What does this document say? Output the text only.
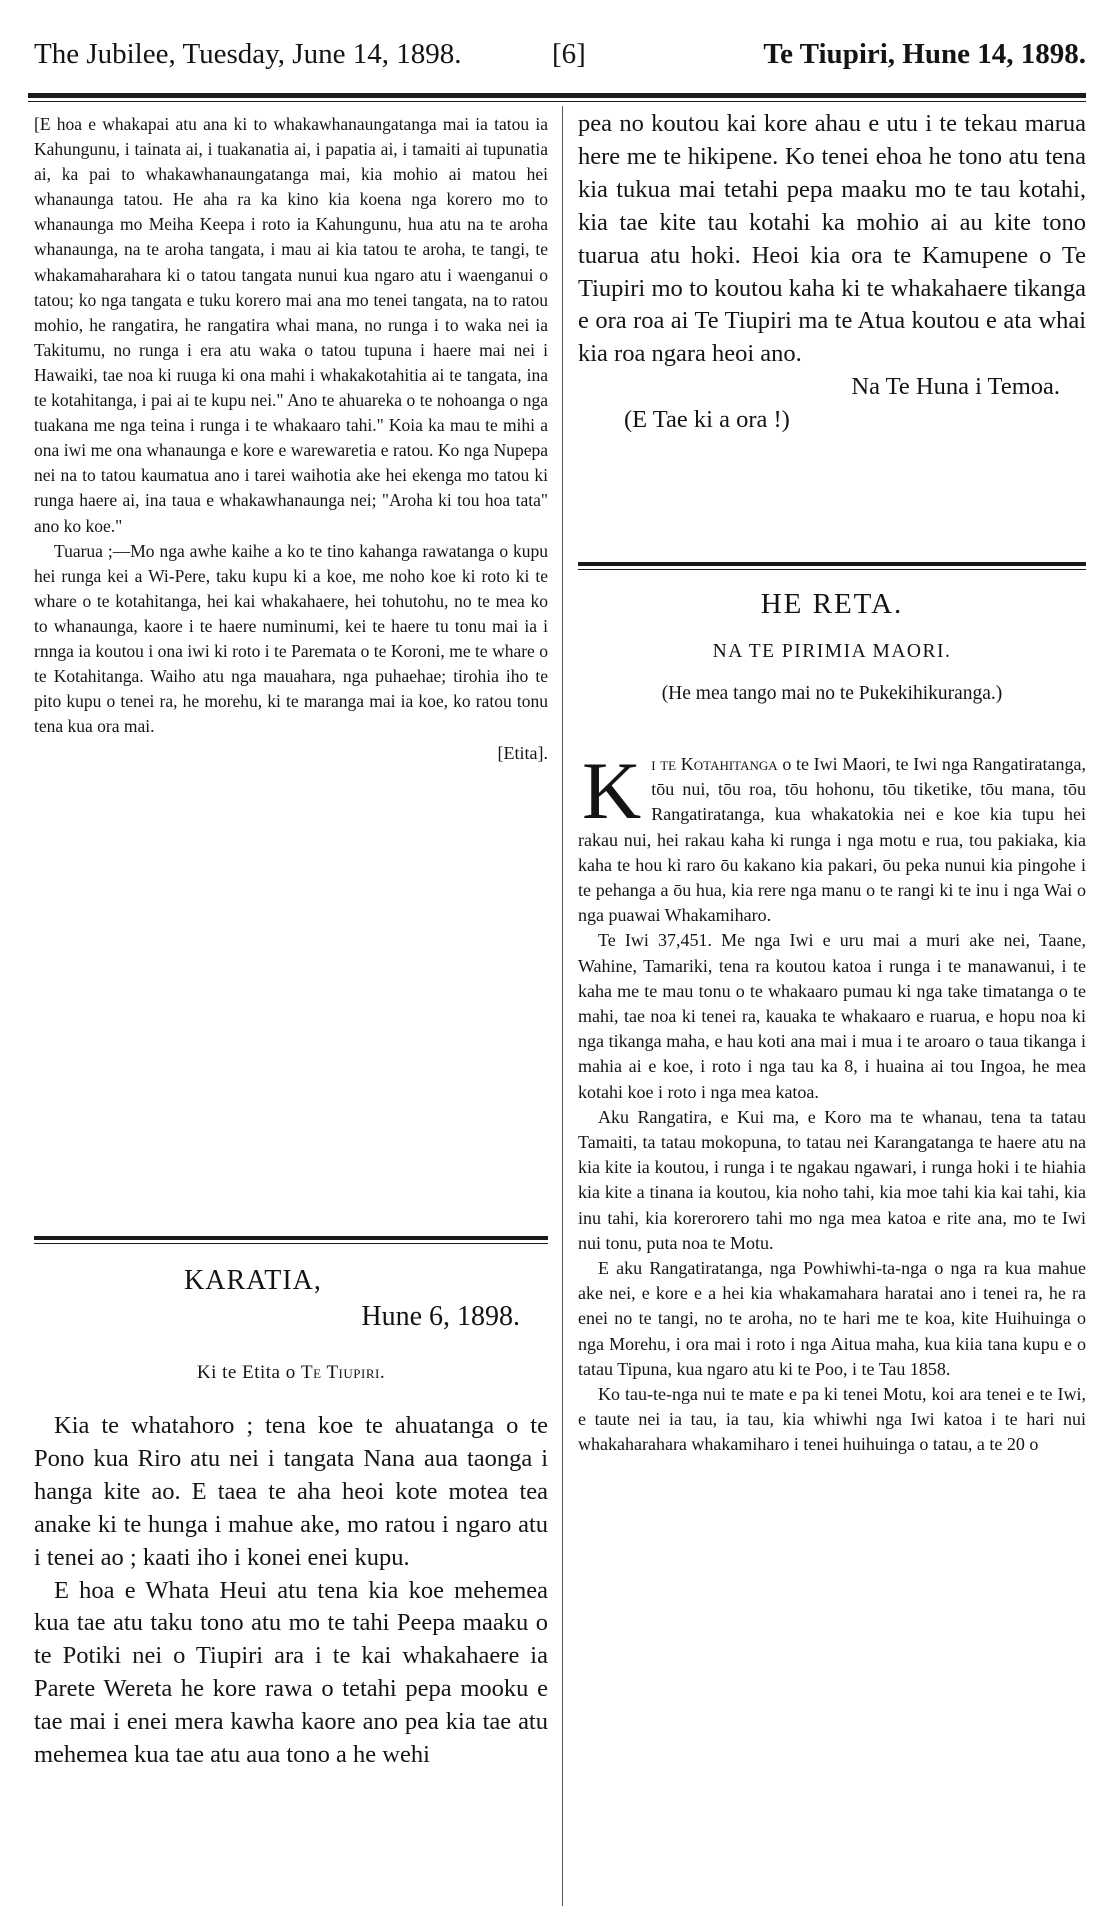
The Jubilee, Tuesday, June 14, 1898.	[6]	Te Tiupiri, Hune 14, 1898.

[E hoa e whakapai atu ana ki to whakawhanaungatanga mai ia tatou ia Kahungunu, i tainata ai, i tuakanatia ai, i papatia ai, i tamaiti ai tupunatia ai, ka pai to whakawhanaungatanga mai, kia mohio ai matou hei whanaunga tatou. He aha ra ka kino kia koena nga korero mo to whanaunga mo Meiha Keepa i roto ia Kahungunu, hua atu na te aroha whanaunga, na te aroha tangata, i mau ai kia tatou te aroha, te tangi, te whakamaharahara ki o tatou tangata nunui kua ngaro atu i waenganui o tatou; ko nga tangata e tuku korero mai ana mo tenei tangata, na to ratou mohio, he rangatira, he rangatira whai mana, no runga i to waka nei ia Takitumu, no runga i era atu waka o tatou tupuna i haere mai nei i Hawaiki, tae noa ki ruuga ki ona mahi i whakakotahitia ai te tangata, ina te kotahitanga, i pai ai te kupu nei." Ano te ahuareka o te nohoanga o nga tuakana me nga teina i runga i te whakaaro tahi." Koia ka mau te mihi a ona iwi me ona whanaunga e kore e warewaretia e ratou. Ko nga Nupepa nei na to tatou kaumatua ano i tarei waihotia ake hei ekenga mo tatou ki runga haere ai, ina taua e whakawhanaunga nei; "Aroha ki tou hoa tata" ano ko koe."

Tuarua ;—Mo nga awhe kaihe a ko te tino kahanga rawatanga o kupu hei runga kei a Wi-Pere, taku kupu ki a koe, me noho koe ki roto ki te whare o te kotahitanga, hei kai whakahaere, hei tohutohu, no te mea ko to whanaunga, kaore i te haere numinumi, kei te haere tu tonu mai ia i rnnga ia koutou i ona iwi ki roto i te Paremata o te Koroni, me te whare o te Kotahitanga. Waiho atu nga mauahara, nga puhaehae; tirohia iho te pito kupu o tenei ra, he morehu, ki te maranga mai ia koe, ko ratou tonu tena kua ora mai.

[Etita].
KARATIA,
Hune 6, 1898.
Ki te Etita o Te Tiupiri.

Kia te whatahoro ; tena koe te ahuatanga o te Pono kua Riro atu nei i tangata Nana aua taonga i hanga kite ao. E taea te aha heoi kote motea tea anake ki te hunga i mahue ake, mo ratou i ngaro atu i tenei ao ; kaati iho i konei enei kupu.

E hoa e Whata Heui atu tena kia koe mehemea kua tae atu taku tono atu mo te tahi Peepa maaku o te Potiki nei o Tiupiri ara i te kai whakahaere ia Parete Wereta he kore rawa o tetahi pepa mooku e tae mai i enei mera kawha kaore ano pea kia tae atu mehemea kua tae atu aua tono a he wehi

pea no koutou kai kore ahau e utu i te tekau marua here me te hikipene. Ko tenei ehoa he tono atu tena kia tukua mai tetahi pepa maaku mo te tau kotahi, kia tae kite tau kotahi ka mohio ai au kite tono tuarua atu hoki. Heoi kia ora te Kamupene o Te Tiupiri mo to koutou kaha ki te whakahaere tikanga e ora roa ai Te Tiupiri ma te Atua koutou e ata whai kia roa ngara heoi ano.

Na Te Huna i Temoa.
(E Tae ki a ora !)
HE RETA.
NA TE PIRIMIA MAORI.
(He mea tango mai no te Pukekihikuranga.)

K i te Kotahitanga o te Iwi Maori, te Iwi nga Rangatiratanga, tōu nui, tōu roa, tōu hohonu, tōu tiketike, tōu mana, tōu Rangatiratanga, kua whakatokia nei e koe kia tupu hei rakau nui, hei rakau kaha ki runga i nga motu e rua, tou pakiaka, kia kaha te hou ki raro ōu kakano kia pakari, ōu peka nunui kia pingohe i te pehanga a ōu hua, kia rere nga manu o te rangi ki te inu i nga Wai o nga puawai Whakamiharo.

Te Iwi 37,451. Me nga Iwi e uru mai a muri ake nei, Taane, Wahine, Tamariki, tena ra koutou katoa i runga i te manawanui, i te kaha me te mau tonu o te whakaaro pumau ki nga take timatanga o te mahi, tae noa ki tenei ra, kauaka te whakaaro e ruarua, e hopu noa ki nga tikanga maha, e hau koti ana mai i mua i te aroaro o taua tikanga i mahia ai e koe, i roto i nga tau ka 8, i huaina ai tou Ingoa, he mea kotahi koe i roto i nga mea katoa.

Aku Rangatira, e Kui ma, e Koro ma te whanau, tena ta tatau Tamaiti, ta tatau mokopuna, to tatau nei Karangatanga te haere atu na kia kite ia koutou, i runga i te ngakau ngawari, i runga hoki i te hiahia kia kite a tinana ia koutou, kia noho tahi, kia moe tahi kia kai tahi, kia inu tahi, kia korerorero tahi mo nga mea katoa e rite ana, mo te Iwi nui tonu, puta noa te Motu.

E aku Rangatiratanga, nga Powhiwhi-ta-nga o nga ra kua mahue ake nei, e kore e a hei kia whakamahara haratai ano i tenei ra, he ra enei no te tangi, no te aroha, no te hari me te koa, kite Huihuinga o nga Morehu, i ora mai i roto i nga Aitua maha, kua kiia tana kupu e o tatau Tipuna, kua ngaro atu ki te Poo, i te Tau 1858.

Ko tau-te-nga nui te mate e pa ki tenei Motu, koi ara tenei e te Iwi, e taute nei ia tau, ia tau, kia whiwhi nga Iwi katoa i te hari nui whakaharahara whakamiharo i tenei huihuinga o tatau, a te 20 o
